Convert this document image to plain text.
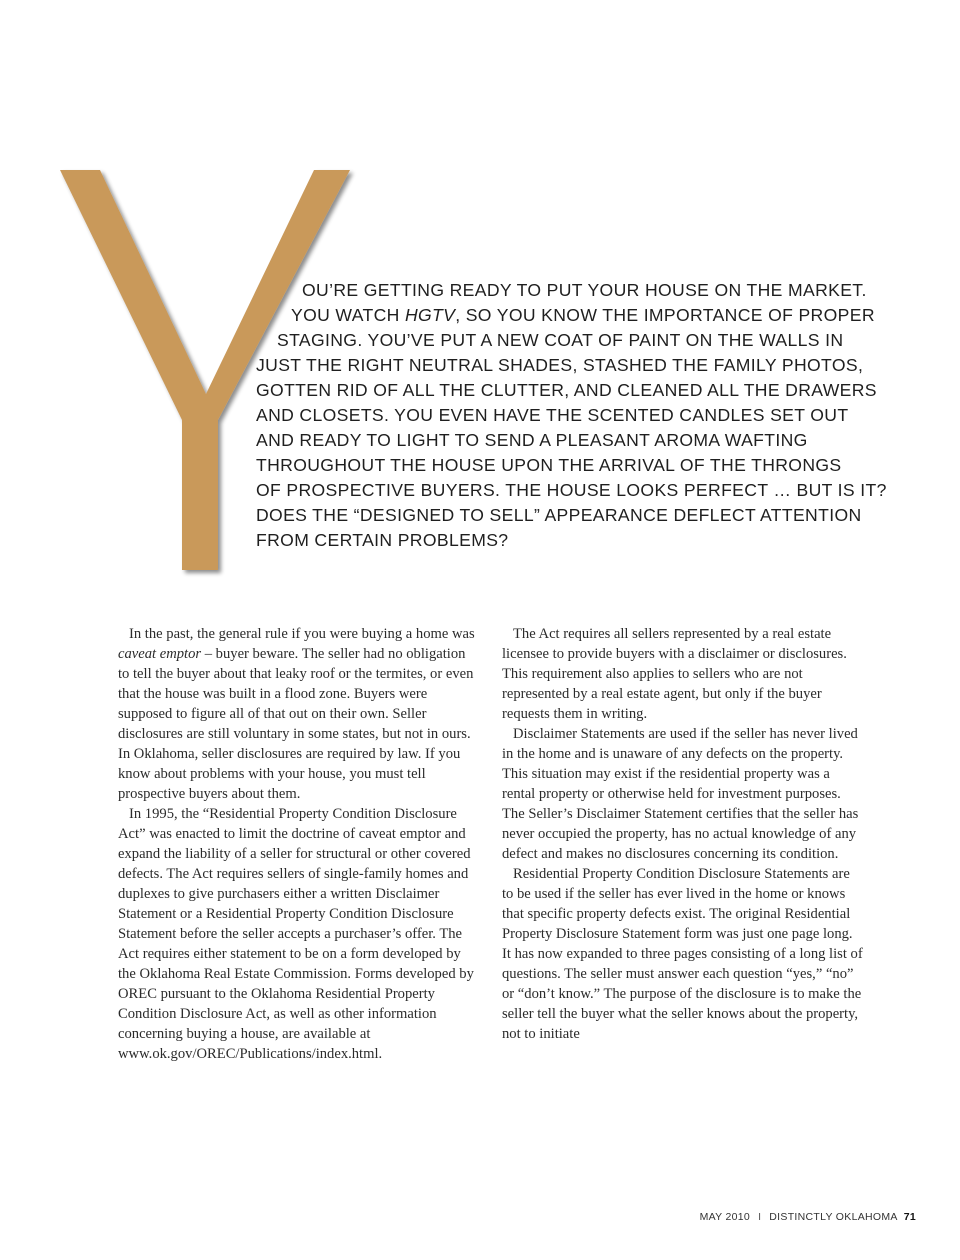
OU’RE GETTING READY TO PUT YOUR HOUSE ON THE MARKET.
YOU WATCH HGTV, SO YOU KNOW THE IMPORTANCE OF PROPER
STAGING. YOU’VE PUT A NEW COAT OF PAINT ON THE WALLS IN
JUST THE RIGHT NEUTRAL SHADES, STASHED THE FAMILY PHOTOS,
GOTTEN RID OF ALL THE CLUTTER, AND CLEANED ALL THE DRAWERS
AND CLOSETS. YOU EVEN HAVE THE SCENTED CANDLES SET OUT
AND READY TO LIGHT TO SEND A PLEASANT AROMA WAFTING
THROUGHOUT THE HOUSE UPON THE ARRIVAL OF THE THRONGS
OF PROSPECTIVE BUYERS. THE HOUSE LOOKS PERFECT … BUT IS IT?
DOES THE “DESIGNED TO SELL” APPEARANCE DEFLECT ATTENTION
FROM CERTAIN PROBLEMS?

In the past, the general rule if you were buying a home was caveat emptor – buyer beware. The seller had no obligation to tell the buyer about that leaky roof or the termites, or even that the house was built in a flood zone. Buyers were supposed to figure all of that out on their own. Seller disclosures are still voluntary in some states, but not in ours. In Oklahoma, seller disclosures are required by law. If you know about problems with your house, you must tell prospective buyers about them.

In 1995, the “Residential Property Condition Disclosure Act” was enacted to limit the doctrine of caveat emptor and expand the liability of a seller for structural or other covered defects. The Act requires sellers of single-family homes and duplexes to give purchasers either a written Disclaimer Statement or a Residential Property Condition Disclosure Statement before the seller accepts a purchaser’s offer. The Act requires either statement to be on a form developed by the Oklahoma Real Estate Commission. Forms developed by OREC pursuant to the Oklahoma Residential Property Condition Disclosure Act, as well as other information concerning buying a house, are available at www.ok.gov/OREC/Publications/index.html.

The Act requires all sellers represented by a real estate licensee to provide buyers with a disclaimer or disclosures. This requirement also applies to sellers who are not represented by a real estate agent, but only if the buyer requests them in writing.

Disclaimer Statements are used if the seller has never lived in the home and is unaware of any defects on the property. This situation may exist if the residential property was a rental property or otherwise held for investment purposes. The Seller’s Disclaimer Statement certifies that the seller has never occupied the property, has no actual knowledge of any defect and makes no disclosures concerning its condition.

Residential Property Condition Disclosure Statements are to be used if the seller has ever lived in the home or knows that specific property defects exist. The original Residential Property Disclosure Statement form was just one page long. It has now expanded to three pages consisting of a long list of questions. The seller must answer each question “yes,” “no” or “don’t know.” The purpose of the disclosure is to make the seller tell the buyer what the seller knows about the property, not to initiate

MAY 2010 I DISTINCTLY OKLAHOMA 71
